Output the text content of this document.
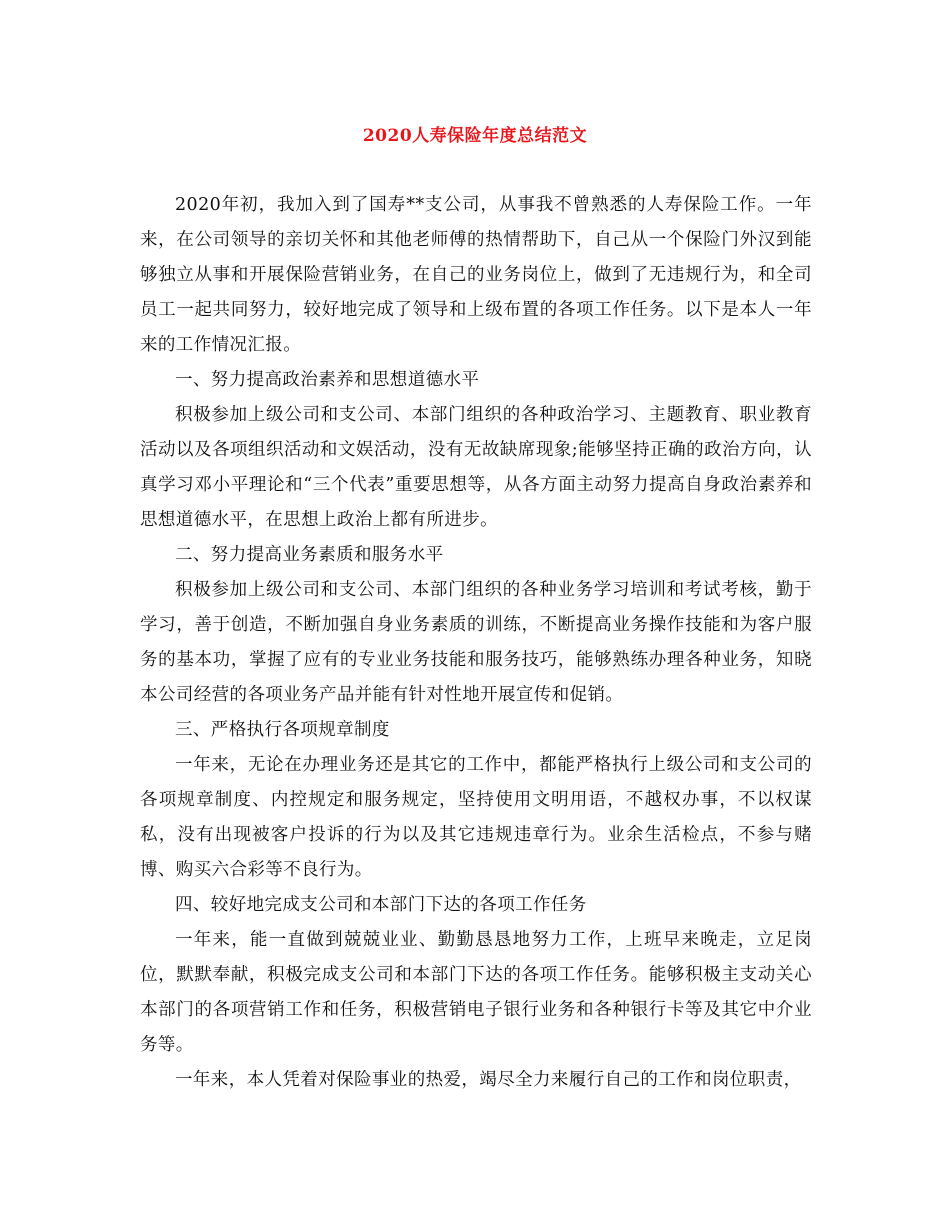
2020人寿保险年度总结范文

2020年初，我加入到了国寿**支公司，从事我不曾熟悉的人寿保险工作。一年来，在公司领导的亲切关怀和其他老师傅的热情帮助下，自己从一个保险门外汉到能够独立从事和开展保险营销业务，在自己的业务岗位上，做到了无违规行为，和全司员工一起共同努力，较好地完成了领导和上级布置的各项工作任务。以下是本人一年来的工作情况汇报。

一、努力提高政治素养和思想道德水平

积极参加上级公司和支公司、本部门组织的各种政治学习、主题教育、职业教育活动以及各项组织活动和文娱活动，没有无故缺席现象;能够坚持正确的政治方向，认真学习邓小平理论和“三个代表”重要思想等，从各方面主动努力提高自身政治素养和思想道德水平，在思想上政治上都有所进步。

二、努力提高业务素质和服务水平

积极参加上级公司和支公司、本部门组织的各种业务学习培训和考试考核，勤于学习，善于创造，不断加强自身业务素质的训练，不断提高业务操作技能和为客户服务的基本功，掌握了应有的专业业务技能和服务技巧，能够熟练办理各种业务，知晓本公司经营的各项业务产品并能有针对性地开展宣传和促销。

三、严格执行各项规章制度

一年来，无论在办理业务还是其它的工作中，都能严格执行上级公司和支公司的各项规章制度、内控规定和服务规定，坚持使用文明用语，不越权办事，不以权谋私，没有出现被客户投诉的行为以及其它违规违章行为。业余生活检点，不参与赌博、购买六合彩等不良行为。

四、较好地完成支公司和本部门下达的各项工作任务

一年来，能一直做到兢兢业业、勤勤恳恳地努力工作，上班早来晚走，立足岗位，默默奉献，积极完成支公司和本部门下达的各项工作任务。能够积极主支动关心本部门的各项营销工作和任务，积极营销电子银行业务和各种银行卡等及其它中介业务等。

一年来，本人凭着对保险事业的热爱，竭尽全力来履行自己的工作和岗位职责，
